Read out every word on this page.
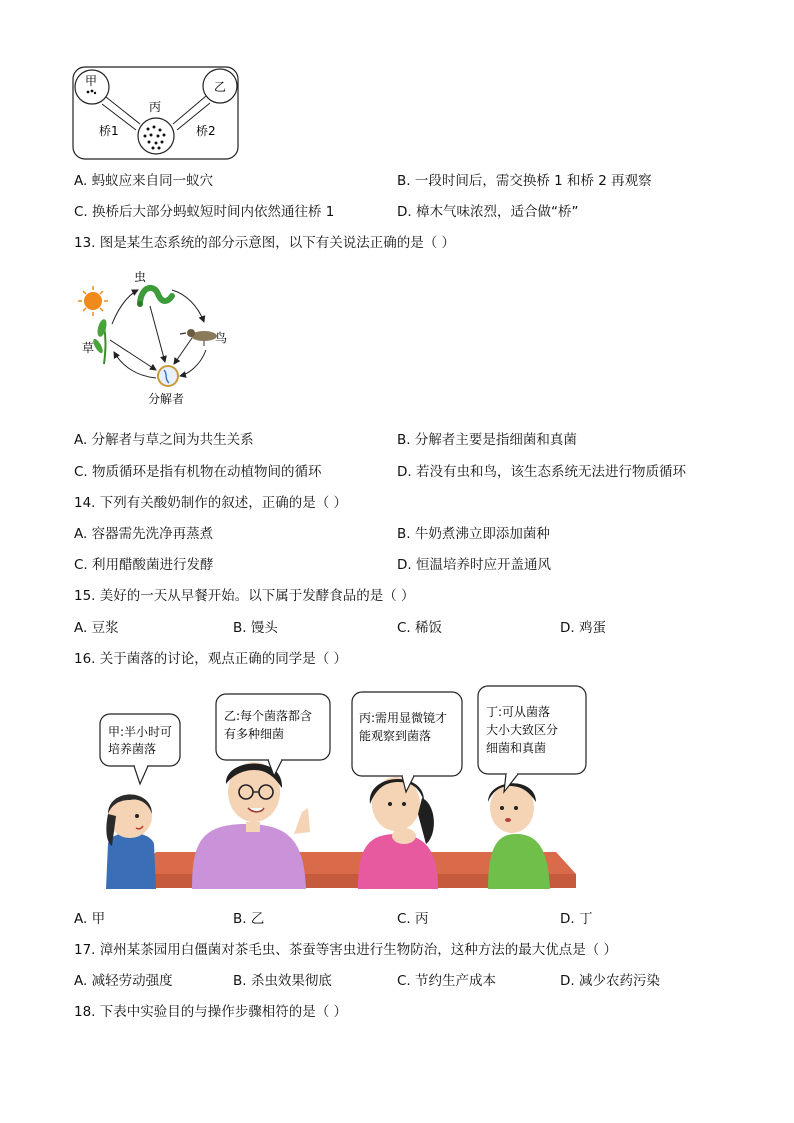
甲	乙
丙
桥1	桥2
A. 蚂蚁应来自同一蚁穴	B. 一段时间后，需交换桥 1 和桥 2 再观察
C. 换桥后大部分蚂蚁短时间内依然通往桥 1	D. 樟木气味浓烈，适合做“桥”
13. 图是某生态系统的部分示意图，以下有关说法正确的是（ ）
虫
鸟
草
分解者
A. 分解者与草之间为共生关系	B. 分解者主要是指细菌和真菌
C. 物质循环是指有机物在动植物间的循环	D. 若没有虫和鸟，该生态系统无法进行物质循环
14. 下列有关酸奶制作的叙述，正确的是（ ）
A. 容器需先洗净再蒸煮	B. 牛奶煮沸立即添加菌种
C. 利用醋酸菌进行发酵	D. 恒温培养时应开盖通风
15. 美好的一天从早餐开始。以下属于发酵食品的是（ ）
A. 豆浆	B. 馒头	C. 稀饭	D. 鸡蛋
16. 关于菌落的讨论，观点正确的同学是（ ）
甲:半小时可
培养菌落
乙:每个菌落都含
有多种细菌
丙:需用显微镜才
能观察到菌落
丁:可从菌落
大小大致区分
细菌和真菌
A. 甲	B. 乙	C. 丙	D. 丁
17. 漳州某茶园用白僵菌对茶毛虫、茶蚕等害虫进行生物防治，这种方法的最大优点是（ ）
A. 减轻劳动强度	B. 杀虫效果彻底	C. 节约生产成本	D. 减少农药污染
18. 下表中实验目的与操作步骤相符的是（ ）
